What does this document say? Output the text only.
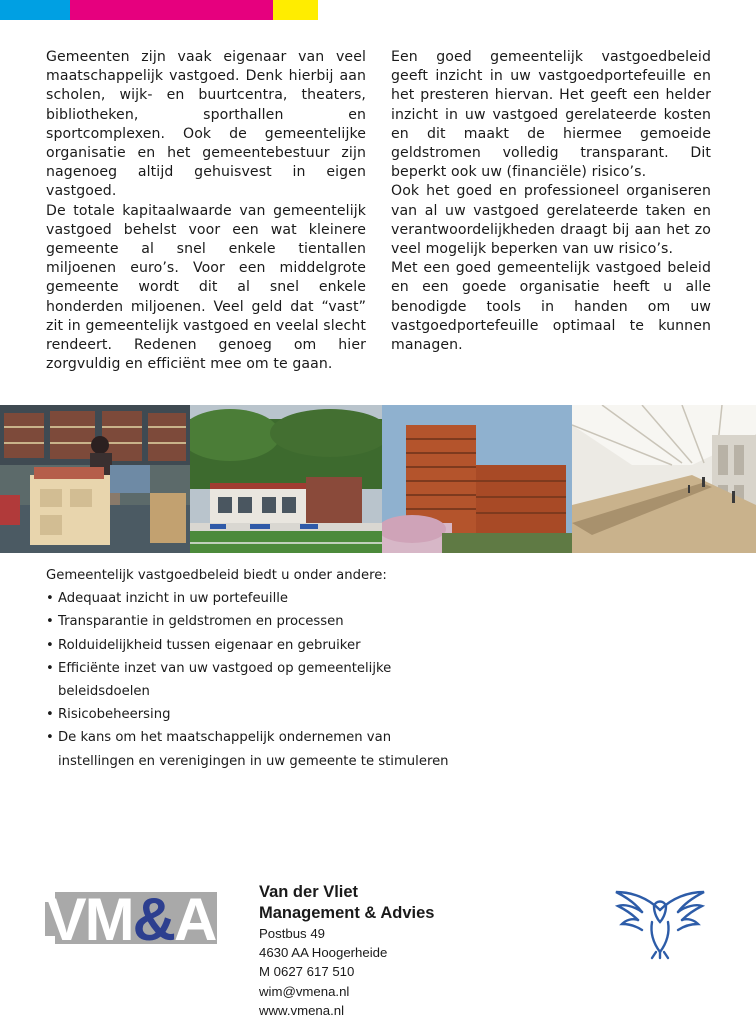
Gemeenten zijn vaak eigenaar van veel maatschappelijk vastgoed. Denk hierbij aan scholen, wijk- en buurtcentra, theaters, bibliotheken, sporthallen en sportcomplexen. Ook de gemeentelijke organisatie en het gemeentebestuur zijn nagenoeg altijd gehuisvest in eigen vastgoed.

De totale kapitaalwaarde van gemeentelijk vastgoed behelst voor een wat kleinere gemeente al snel enkele tientallen miljoenen euro’s. Voor een middelgrote gemeente wordt dit al snel enkele honderden miljoenen. Veel geld dat “vast” zit in gemeentelijk vastgoed en veelal slecht rendeert. Redenen genoeg om hier zorgvuldig en efficiënt mee om te gaan.

Een goed gemeentelijk vastgoedbeleid geeft inzicht in uw vastgoedportefeuille en het presteren hiervan. Het geeft een helder inzicht in uw vastgoed gerelateerde kosten en dit maakt de hiermee gemoeide geldstromen volledig transparant. Dit beperkt ook uw (financiële) risico’s.

Ook het goed en professioneel organiseren van al uw vastgoed gerelateerde taken en verantwoordelijkheden draagt bij aan het zo veel mogelijk beperken van uw risico’s.

Met een goed gemeentelijk vastgoed beleid en een goede organisatie heeft u alle benodigde tools in handen om uw vastgoedportefeuille optimaal te kunnen managen.

Gemeentelijk vastgoedbeleid biedt u onder andere:

• Adequaat inzicht in uw portefeuille
• Transparantie in geldstromen en processen
• Rolduidelijkheid tussen eigenaar en gebruiker
• Efficiënte inzet van uw vastgoed op gemeentelijke beleidsdoelen
• Risicobeheersing
• De kans om het maatschappelijk ondernemen van instellingen en verenigingen in uw gemeente te stimuleren
VM&A	Van der Vliet
Management & Advies
Postbus 49
4630 AA Hoogerheide
M 0627 617 510
wim@vmena.nl
www.vmena.nl
